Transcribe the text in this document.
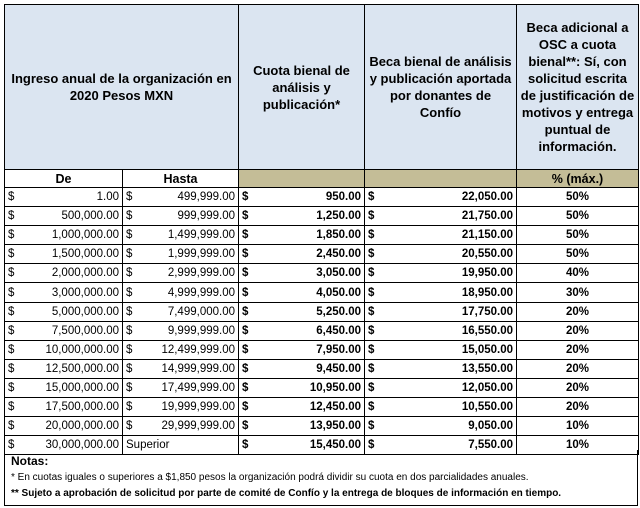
Ingreso anual de la organización en 2020 Pesos MXN		Cuota bienal de análisis y publicación*	Beca bienal de análisis y publicación aportada por donantes de Confío	Beca adicional a OSC a cuota bienal**: Sí, con solicitud escrita de justificación de motivos y entrega puntual de información.
De	Hasta			% (máx.)

$ 1.00	$ 499,999.00	$ 950.00	$ 22,050.00	50%

$ 500,000.00	$ 999,999.00	$ 1,250.00	$ 21,750.00	50%

$ 1,000,000.00	$ 1,499,999.00	$ 1,850.00	$ 21,150.00	50%

$ 1,500,000.00	$ 1,999,999.00	$ 2,450.00	$ 20,550.00	50%

$ 2,000,000.00	$ 2,999,999.00	$ 3,050.00	$ 19,950.00	40%

$ 3,000,000.00	$ 4,999,999.00	$ 4,050.00	$ 18,950.00	30%

$ 5,000,000.00	$ 7,499,000.00	$ 5,250.00	$ 17,750.00	20%

$ 7,500,000.00	$ 9,999,999.00	$ 6,450.00	$ 16,550.00	20%

$ 10,000,000.00	$ 12,499,999.00	$ 7,950.00	$ 15,050.00	20%

$ 12,500,000.00	$ 14,999,999.00	$ 9,450.00	$ 13,550.00	20%

$ 15,000,000.00	$ 17,499,999.00	$ 10,950.00	$ 12,050.00	20%

$ 17,500,000.00	$ 19,999,999.00	$ 12,450.00	$ 10,550.00	20%

$ 20,000,000.00	$ 29,999,999.00	$ 13,950.00	$ 9,050.00	10%

$ 30,000,000.00	Superior	$ 15,450.00	$ 7,550.00	10%
Notas:
* En cuotas iguales o superiores a $1,850 pesos la organización podrá dividir su cuota en dos parcialidades anuales.
** Sujeto a aprobación de solicitud por parte de comité de Confío y la entrega de bloques de información en tiempo.
